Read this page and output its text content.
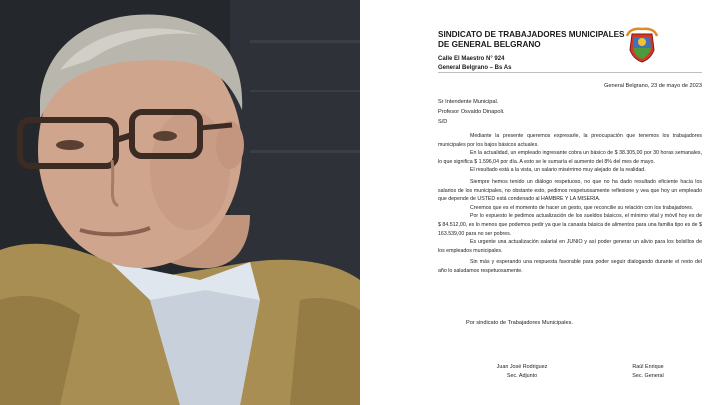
SINDICATO DE TRABAJADORES MUNICIPALES
DE GENERAL BELGRANO
Calle El Maestro N° 924
General Belgrano – Bs As
General Belgrano, 23 de mayo de 2023
Sr Intendente Municipal.
Profesor Osvaldo Dinapoli.
S/D

Mediante la presente queremos expresarle, la preocupación que tenemos los trabajadores municipales por los bajos básicos actuales.

En la actualidad, un empleado ingresante cobra un básico de $ 38.305,00 por 30 horas semanales, lo que significa $ 1.596,04 por día. A esto se le sumaría el aumento del 8% del mes de mayo.

El resultado está a la vista, un salario misérrimo muy alejado de la realidad.

Siempre hemos tenido un diálogo respetuoso, no que no ha dado resultado eficiente hacia los salarios de los municipales, no obstante esto, pedimos respetuosamente reflexione y vea que hoy un empleado que depende de USTED está condenado al HAMBRE Y LA MISERIA.

Creemos que es el momento de hacer un gesto, que reconcilie su relación con los trabajadores.

Por lo expuesto le pedimos actualización de los sueldos básicos, el mínimo vital y móvil hoy es de $ 84.512,00, es lo menos que podemos pedir ya que la canasta básica de alimentos para una familia tipo es de $ 163.539,00 para no ser pobres.

Es urgente una actualización salarial en JUNIO y así poder generar un alivio para los bolsillos de los empleados municipales.

Sin más y esperando una respuesta favorable para poder seguir dialogando durante el resto del año lo saludamos respetuosamente.

Por sindicato de Trabajadores Municipales.
Juan José Rodriguez
Sec. Adjunto
Raúl Enrique
Sec. General
